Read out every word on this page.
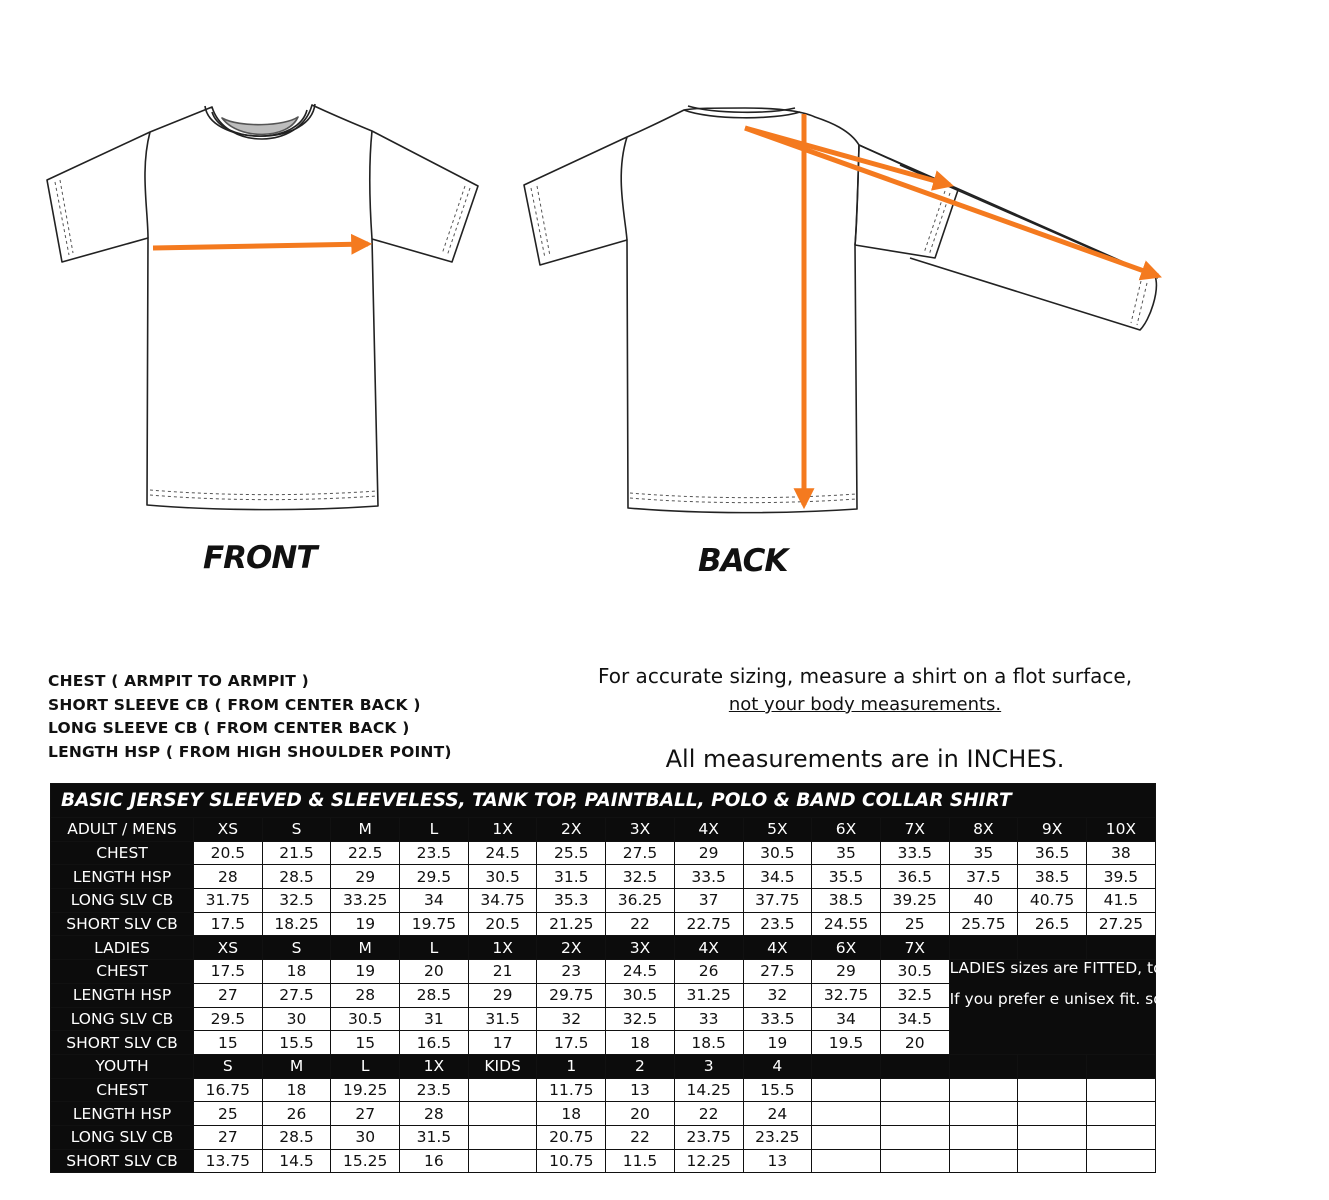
FRONT	BACK
CHEST ( ARMPIT TO ARMPIT )
SHORT SLEEVE CB ( FROM CENTER BACK )
LONG SLEEVE CB ( FROM CENTER BACK )
LENGTH HSP ( FROM HIGH SHOULDER POINT)
For accurate sizing, measure a shirt on a flot surface,
not your body measurements.
All measurements are in INCHES.
BASIC JERSEY SLEEVED & SLEEVELESS, TANK TOP, PAINTBALL, POLO & BAND COLLAR SHIRT														
ADULT / MENS	XS	S	M	L	1X	2X	3X	4X	5X	6X	7X	8X	9X	10X
CHEST	20.5	21.5	22.5	23.5	24.5	25.5	27.5	29	30.5	35	33.5	35	36.5	38
LENGTH HSP	28	28.5	29	29.5	30.5	31.5	32.5	33.5	34.5	35.5	36.5	37.5	38.5	39.5
LONG SLV CB	31.75	32.5	33.25	34	34.75	35.3	36.25	37	37.75	38.5	39.25	40	40.75	41.5
SHORT SLV CB	17.5	18.25	19	19.75	20.5	21.25	22	22.75	23.5	24.55	25	25.75	26.5	27.25
LADIES	XS	S	M	L	1X	2X	3X	4X	4X	6X	7X			
CHEST	17.5	18	19	20	21	23	24.5	26	27.5	29	30.5	LADIES sizes are FITTED, topered ot ot the woist.

If you prefer e unisex fit. soisst trom odull sises.		

LENGTH HSP	27	27.5	28	28.5	29	29.75	30.5	31.25	32	32.75	32.5			
LONG SLV CB	29.5	30	30.5	31	31.5	32	32.5	33	33.5	34	34.5			
SHORT SLV CB	15	15.5	15	16.5	17	17.5	18	18.5	19	19.5	20			
YOUTH	S	M	L	1X	KIDS	1	2	3	4					
CHEST	16.75	18	19.25	23.5		11.75	13	14.25	15.5					
LENGTH HSP	25	26	27	28		18	20	22	24					
LONG SLV CB	27	28.5	30	31.5		20.75	22	23.75	23.25					
SHORT SLV CB	13.75	14.5	15.25	16		10.75	11.5	12.25	13					
